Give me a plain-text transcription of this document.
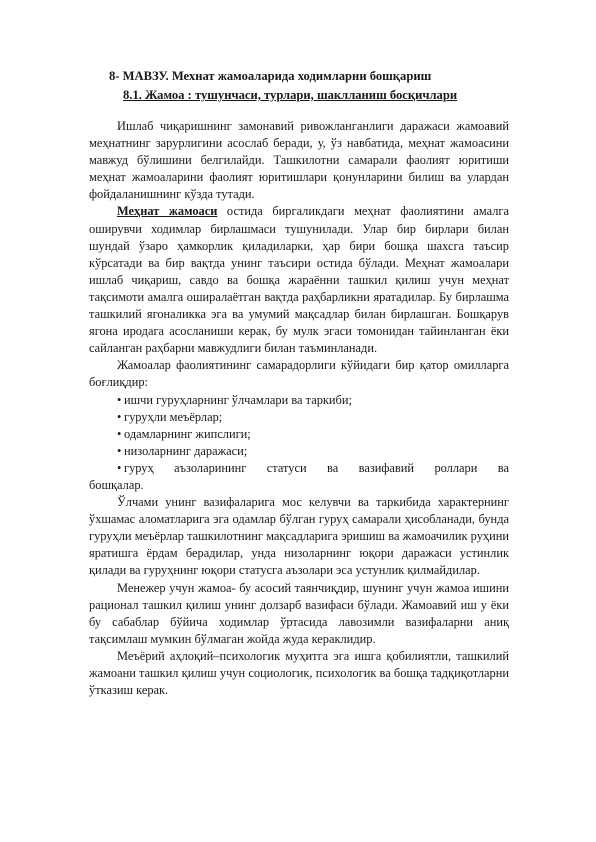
8- МАВЗУ. Мехнат жамоаларида ходимларни бошқариш
8.1. Жамоа : тушунчаси, турлари, шаклланиш босқичлари

Ишлаб чиқаришнинг замонавий ривожланганлиги даражаси жамоавий меҳнатнинг зарурлигини асослаб беради, у, ўз навбатида, меҳнат жамоасини мавжуд бўлишини белгилайди. Ташкилотни самарали фаолият юритиши меҳнат жамоаларини фаолият юритишлари қонунларини билиш ва улардан фойдаланишнинг кўзда тутади.

Меҳнат жамоаси остида биргаликдаги меҳнат фаолиятини амалга оширувчи ходимлар бирлашмаси тушунилади. Улар бир бирлари билан шундай ўзаро ҳамкорлик қиладиларки, ҳар бири бошқа шахсга таъсир кўрсатади ва бир вақтда унинг таъсири остида бўлади. Меҳнат жамоалари ишлаб чиқариш, савдо ва бошқа жараённи ташкил қилиш учун меҳнат тақсимоти амалга оширалаётган вақтда раҳбарликни яратадилар. Бу бирлашма ташкилий ягоналикка эга ва умумий мақсадлар билан бирлашган. Бошқарув ягона иродага асосланиши керак, бу мулк эгаси томонидан тайинланган ёки сайланган раҳбарни мавжудлиги билан таъминланади.

Жамоалар фаолиятининг самарадорлиги кўйидаги бир қатор омилларга боғлиқдир:

• ишчи гуруҳларнинг ўлчамлари ва таркиби;
• гуруҳли меъёрлар;
• одамларнинг жипслиги;
• низоларнинг даражаси;
• гуруҳ аъзоларининг статуси ва вазифавий роллари ва

бошқалар.

Ўлчами унинг вазифаларига мос келувчи ва таркибида характернинг ўхшамас аломатларига эга одамлар бўлган гуруҳ самарали ҳисобланади, бунда гуруҳли меъёрлар ташкилотнинг мақсадларига эришиш ва жамоачилик руҳини яратишга ёрдам берадилар, унда низоларнинг юқори даражаси устинлик қилади ва гуруҳнинг юқори статусга аъзолари эса устунлик қилмайдилар.

Менежер учун жамоа- бу асосий таянчиқдир, шунинг учун жамоа ишини рационал ташкил қилиш унинг долзарб вазифаси бўлади. Жамоавий иш у ёки бу сабаблар бўйича ходимлар ўртасида лавозимли вазифаларни аниқ тақсимлаш мумкин бўлмаган жойда жуда кераклидир.

Меъёрий аҳлоқий–психологик муҳитга эга ишга қобилиятли, ташкилий жамоани ташкил қилиш учун социологик, психологик ва бошқа тадқиқотларни ўтказиш керак.
